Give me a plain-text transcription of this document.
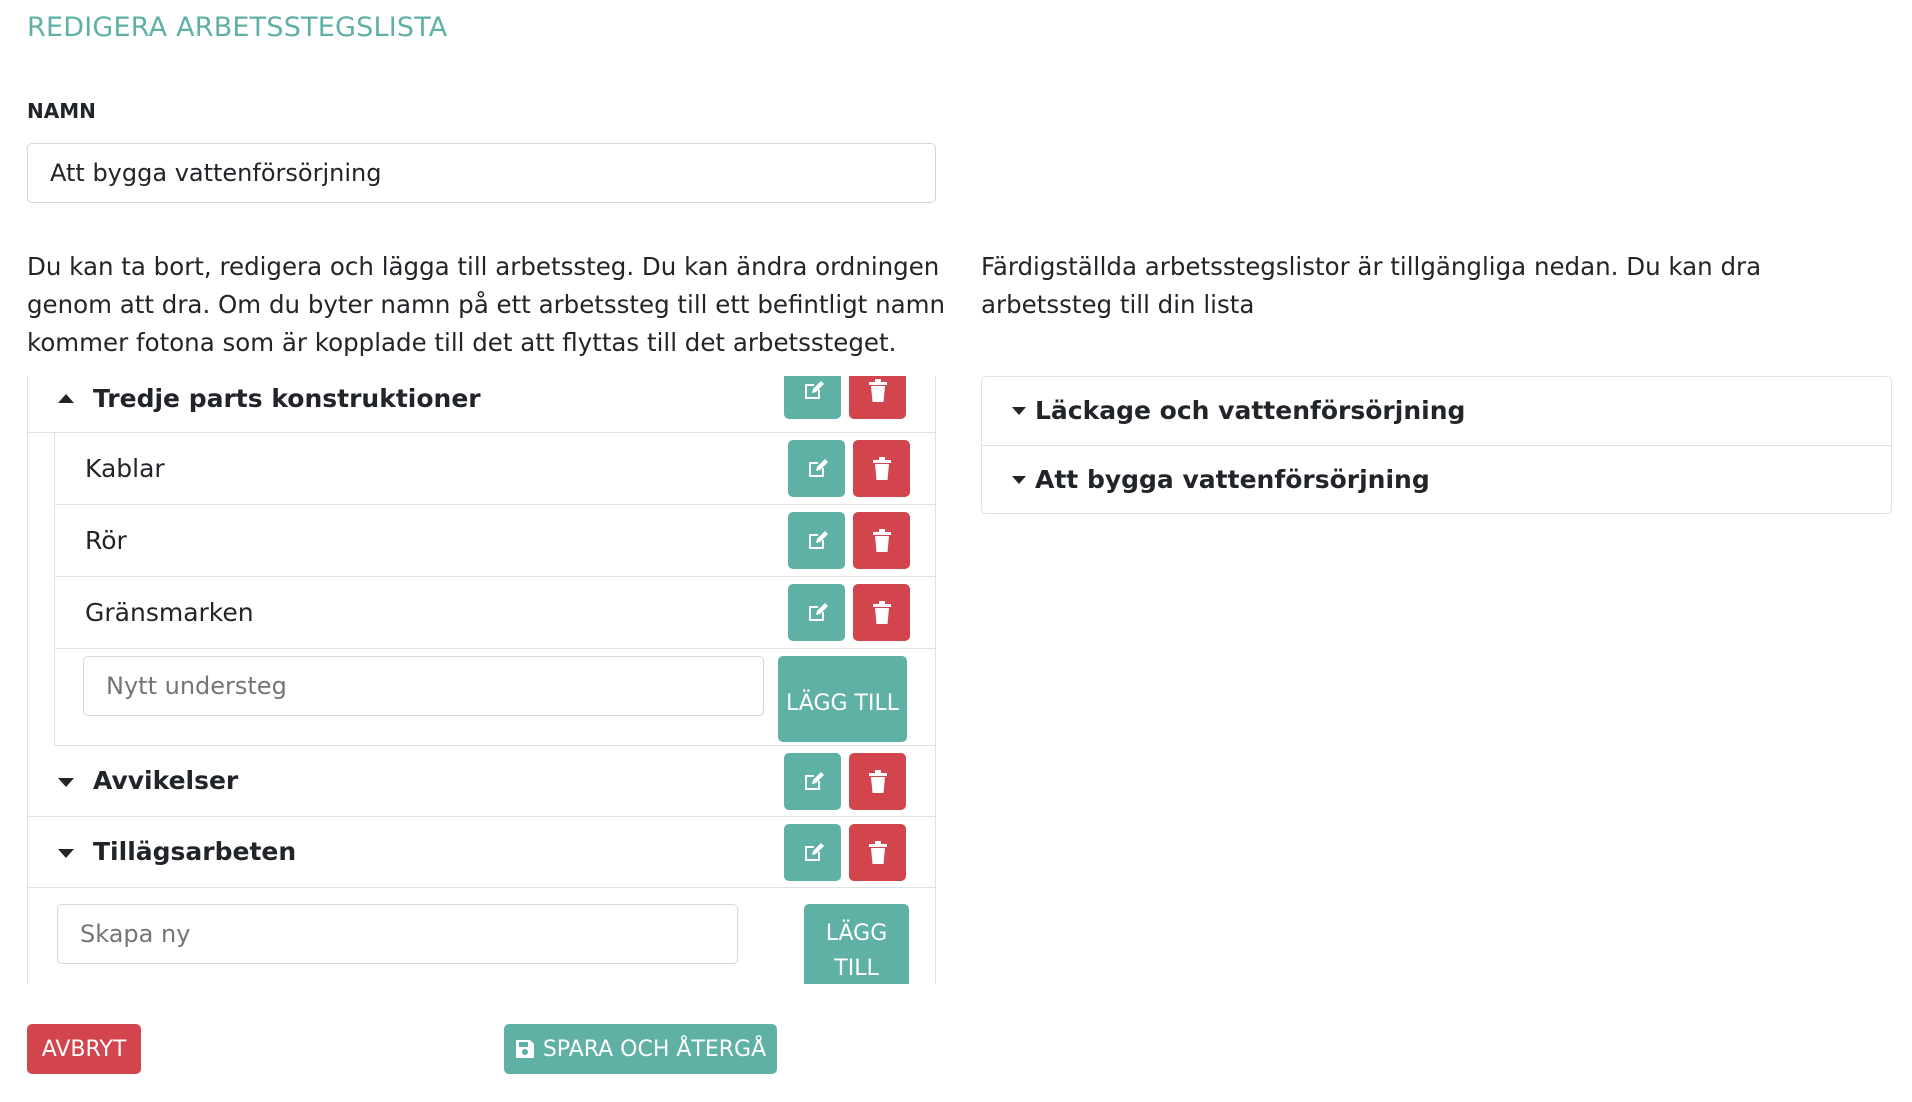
REDIGERA ARBETSSTEGSLISTA
NAMN
Att bygga vattenförsörjning
Du kan ta bort, redigera och lägga till arbetssteg. Du kan ändra ordningen genom att dra. Om du byter namn på ett arbetssteg till ett befintligt namn kommer fotona som är kopplade till det att flyttas till det arbetssteget.
Färdigställda arbetsstegslistor är tillgängliga nedan. Du kan dra arbetssteg till din lista
Tredje parts konstruktioner
Kablar
Rör
Gränsmarken
Nytt understeg
LÄGG TILL
Avvikelser
Tillägsarbeten
Skapa ny
LÄGG TILL
Läckage och vattenförsörjning
Att bygga vattenförsörjning
AVBRYT	SPARA OCH ÅTERGÅ
